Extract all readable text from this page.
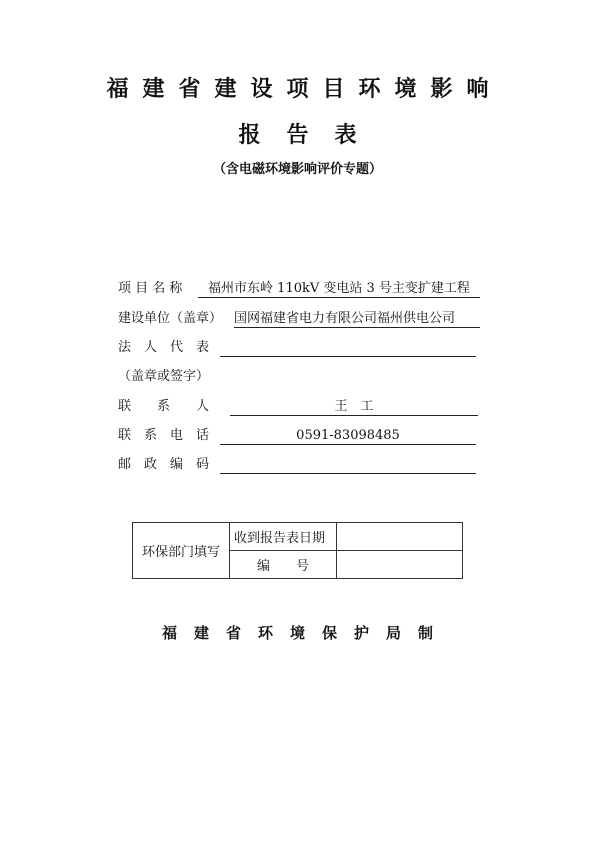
福建省建设项目环境影响
报告表
（含电磁环境影响评价专题）
项 目 名 称	福州市东岭 110kV 变电站 3 号主变扩建工程
建设单位（盖章） 国网福建省电力有限公司福州供电公司
法　人　代　表
（盖章或签字）
联　　系　　人	王　工
联　系　电　话	0591-83098485
邮　政　编　码
环保部门填写	收到报告表日期	
	编　　号	
福建省环境保护局制
